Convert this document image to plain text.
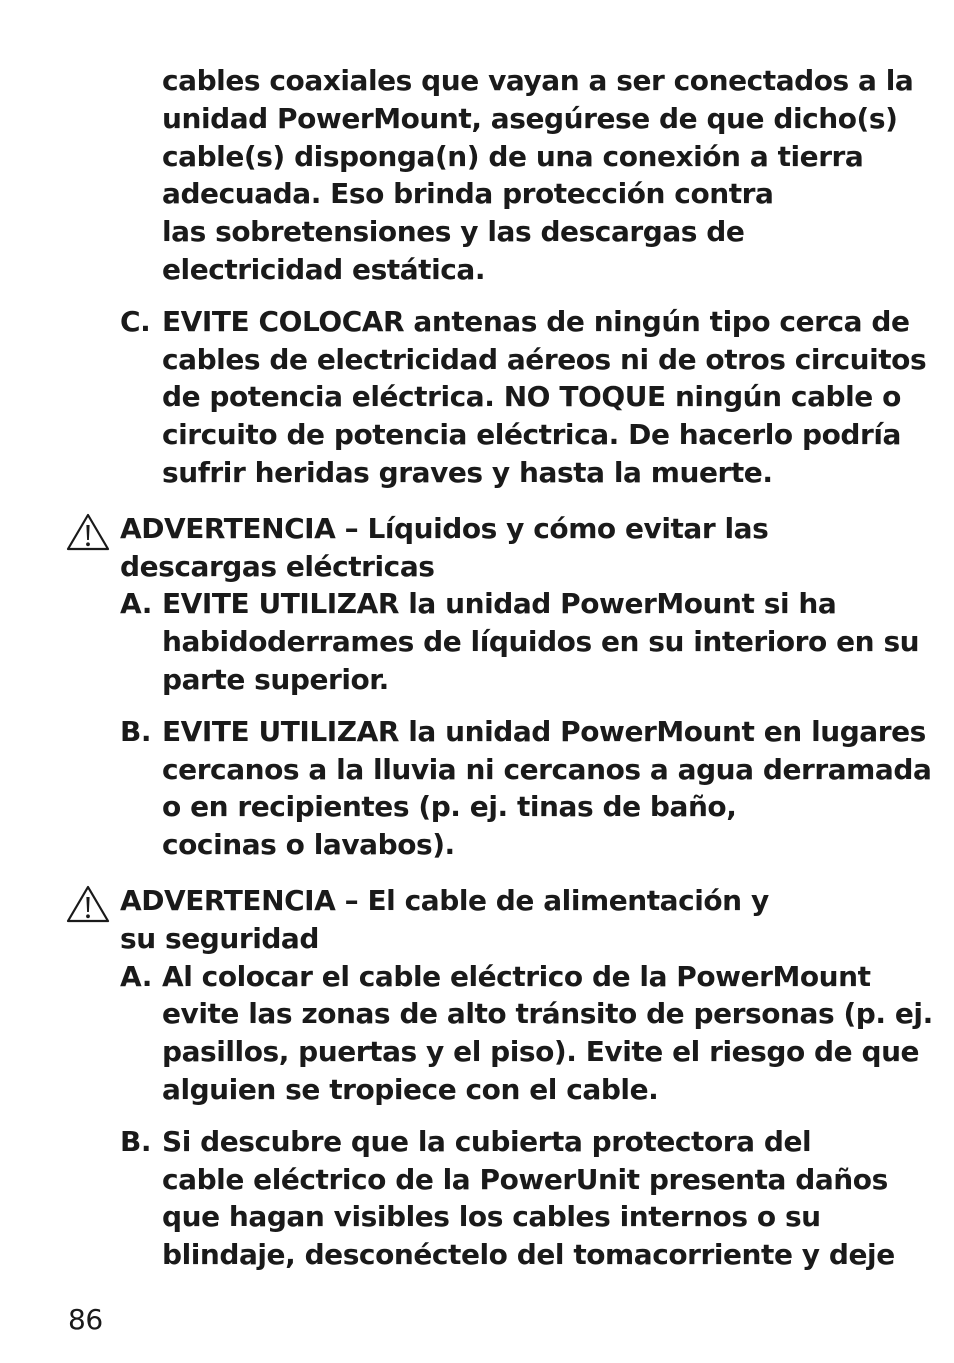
cables coaxiales que vayan a ser conectados a la
unidad PowerMount, asegúrese de que dicho(s)
cable(s) disponga(n) de una conexión a tierra
adecuada. Eso brinda protección contra
las sobretensiones y las descargas de
electricidad estática.
C. EVITE COLOCAR antenas de ningún tipo cerca de
cables de electricidad aéreos ni de otros circuitos
de potencia eléctrica. NO TOQUE ningún cable o
circuito de potencia eléctrica. De hacerlo podría
sufrir heridas graves y hasta la muerte.
ADVERTENCIA – Líquidos y cómo evitar las
descargas eléctricas
A. EVITE UTILIZAR la unidad PowerMount si ha
habidoderrames de líquidos en su interioro en su
parte superior.
B. EVITE UTILIZAR la unidad PowerMount en lugares
cercanos a la lluvia ni cercanos a agua derramada
o en recipientes (p. ej. tinas de baño,
cocinas o lavabos).
ADVERTENCIA – El cable de alimentación y
su seguridad
A. Al colocar el cable eléctrico de la PowerMount
evite las zonas de alto tránsito de personas (p. ej.
pasillos, puertas y el piso). Evite el riesgo de que
alguien se tropiece con el cable.
B. Si descubre que la cubierta protectora del
cable eléctrico de la PowerUnit presenta daños
que hagan visibles los cables internos o su
blindaje, desconéctelo del tomacorriente y deje
86
